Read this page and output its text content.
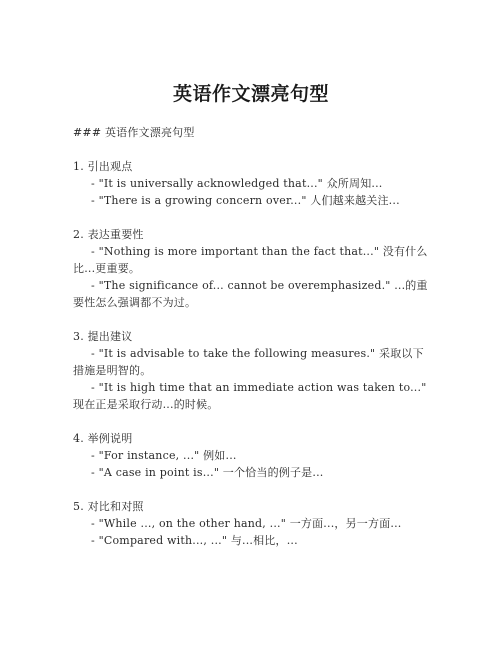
英语作文漂亮句型

### 英语作文漂亮句型

1. 引出观点

- "It is universally acknowledged that..." 众所周知...

- "There is a growing concern over..." 人们越来越关注...

2. 表达重要性

- "Nothing is more important than the fact that..." 没有什么比...更重要。

- "The significance of... cannot be overemphasized." ...的重要性怎么强调都不为过。

3. 提出建议

- "It is advisable to take the following measures." 采取以下措施是明智的。

- "It is high time that an immediate action was taken to..." 现在正是采取行动...的时候。

4. 举例说明

- "For instance, ..." 例如...

- "A case in point is..." 一个恰当的例子是...

5. 对比和对照

- "While ..., on the other hand, ..." 一方面...，另一方面...

- "Compared with..., ..." 与...相比，...
